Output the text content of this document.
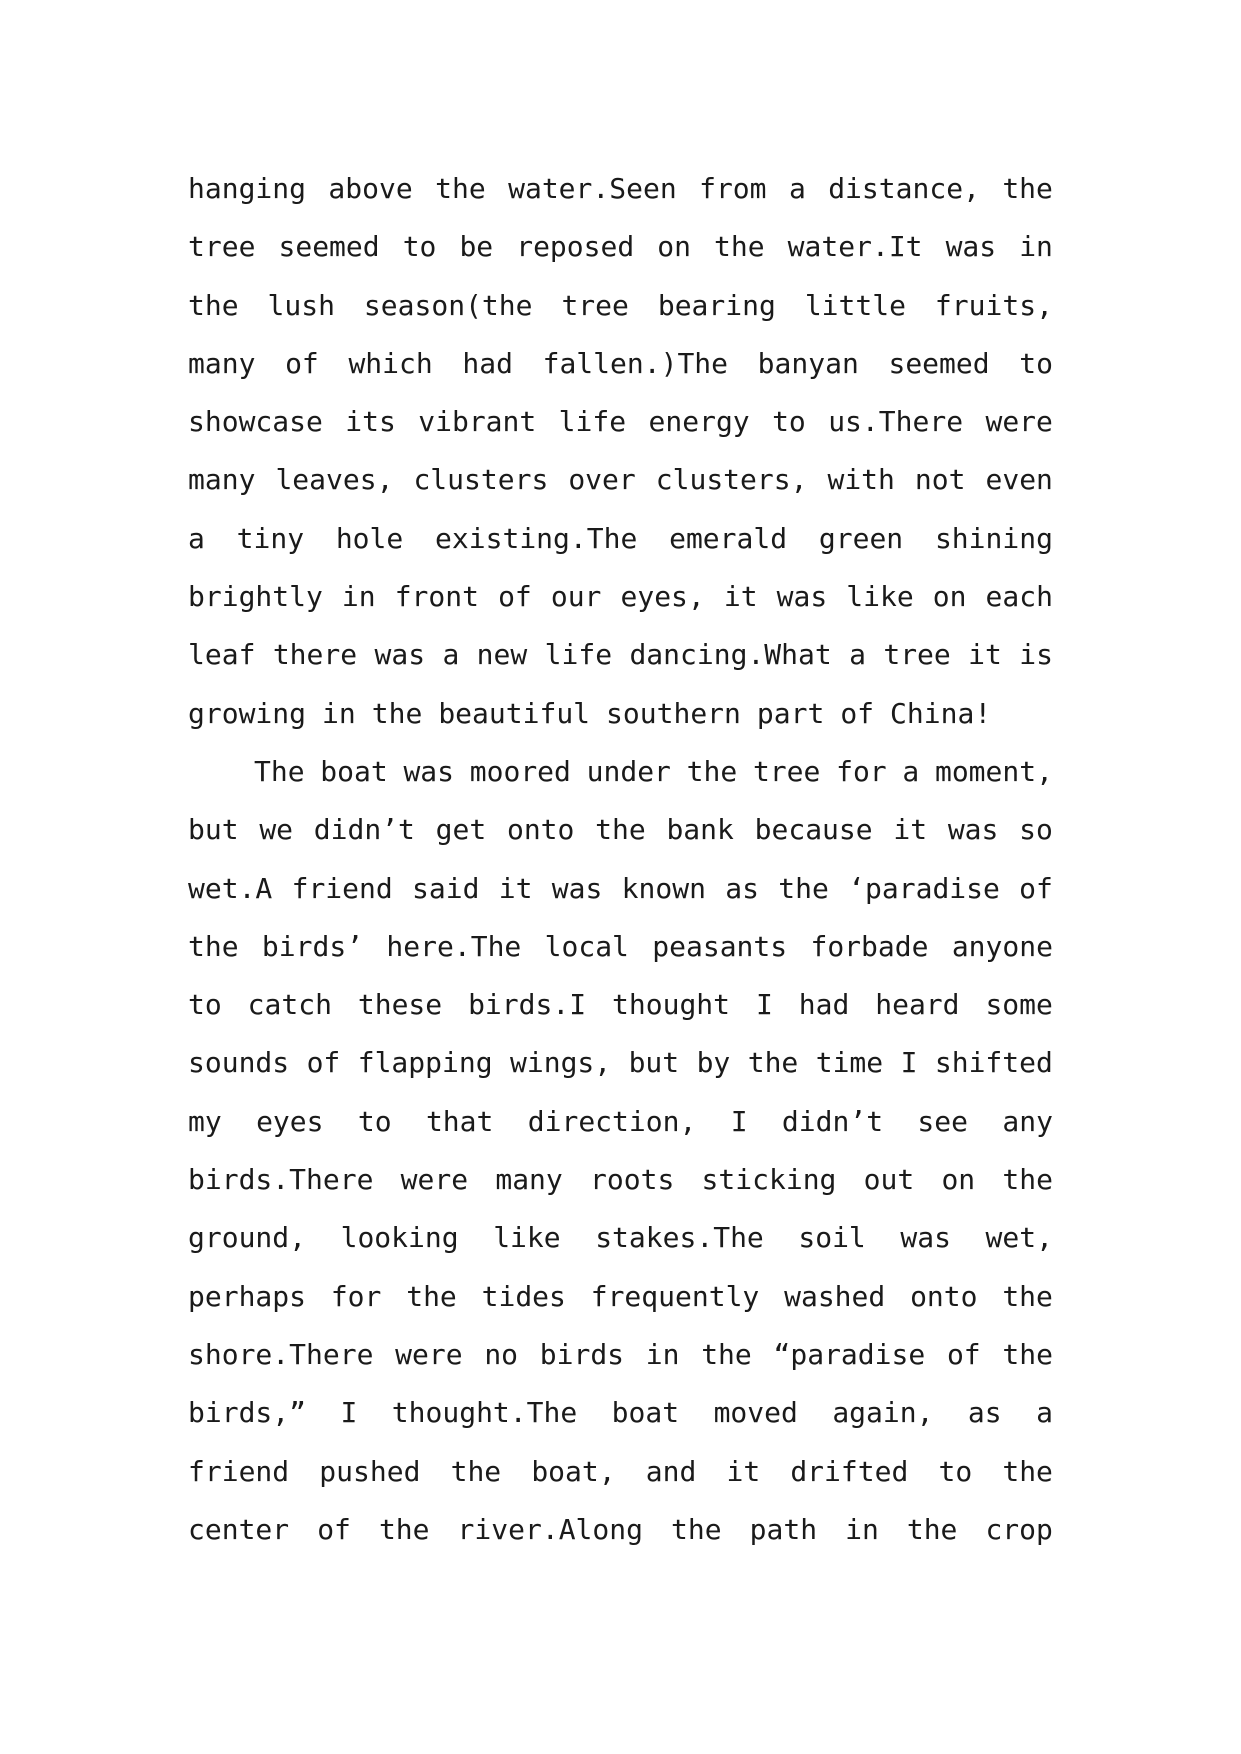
hanging above the water.Seen from a distance, the
tree seemed to be reposed on the water.It was in
the lush season(the tree bearing little fruits,
many of which had fallen.)The banyan seemed to
showcase its vibrant life energy to us.There were
many leaves, clusters over clusters, with not even
a tiny hole existing.The emerald green shining
brightly in front of our eyes, it was like on each
leaf there was a new life dancing.What a tree it is
growing in the beautiful southern part of China!
The boat was moored under the tree for a moment,
but we didn’t get onto the bank because it was so
wet.A friend said it was known as the ‘paradise of
the birds’ here.The local peasants forbade anyone
to catch these birds.I thought I had heard some
sounds of flapping wings, but by the time I shifted
my eyes to that direction, I didn’t see any
birds.There were many roots sticking out on the
ground, looking like stakes.The soil was wet,
perhaps for the tides frequently washed onto the
shore.There were no birds in the “paradise of the
birds,” I thought.The boat moved again, as a
friend pushed the boat, and it drifted to the
center of the river.Along the path in the crop
